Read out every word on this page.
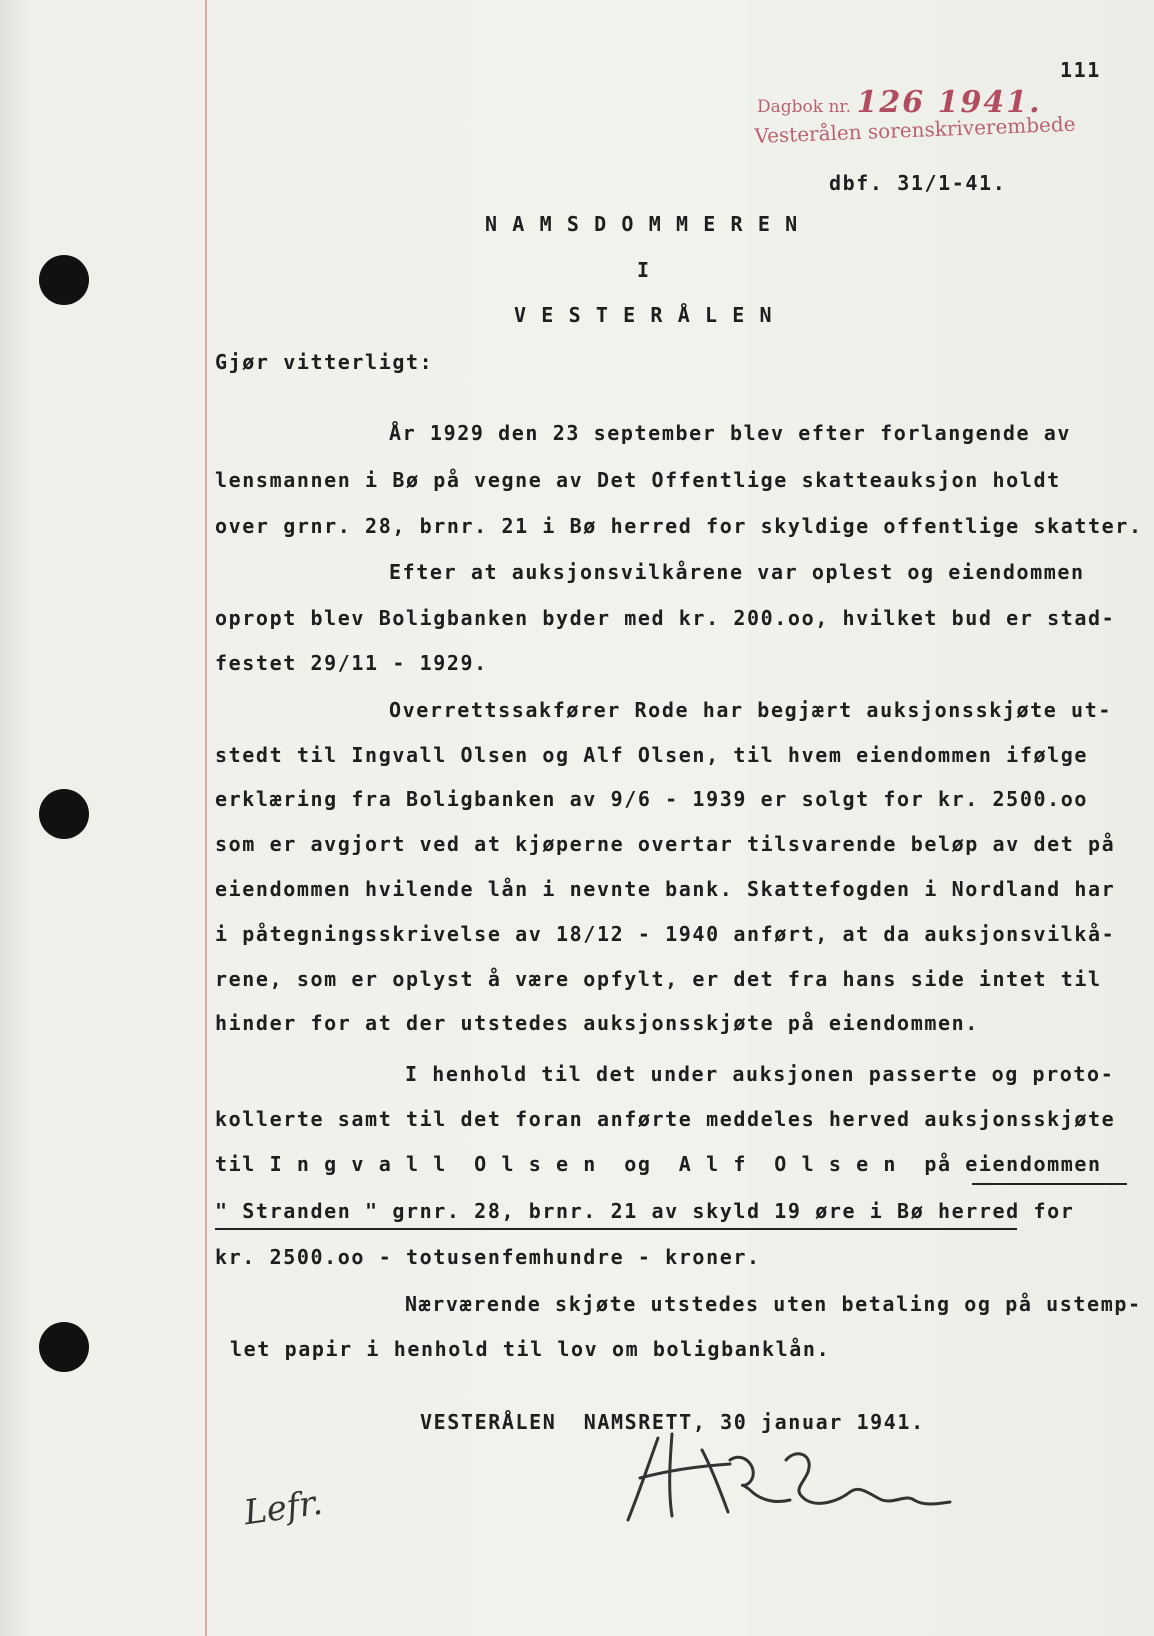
111
Dagbok nr. 126 1941.
Vesterålen sorenskriverembede
dbf. 31/1-41.
N A M S D O M M E R E N
I
V E S T E R Å L E N
Gjør vitterligt:
År 1929 den 23 september blev efter forlangende av
lensmannen i Bø på vegne av Det Offentlige skatteauksjon holdt
over grnr. 28, brnr. 21 i Bø herred for skyldige offentlige skatter.
Efter at auksjonsvilkårene var oplest og eiendommen
opropt blev Boligbanken byder med kr. 200.oo, hvilket bud er stad-
festet 29/11 - 1929.
Overrettssakfører Rode har begjært auksjonsskjøte ut-
stedt til Ingvall Olsen og Alf Olsen, til hvem eiendommen ifølge
erklæring fra Boligbanken av 9/6 - 1939 er solgt for kr. 2500.oo
som er avgjort ved at kjøperne overtar tilsvarende beløp av det på
eiendommen hvilende lån i nevnte bank. Skattefogden i Nordland har
i påtegningsskrivelse av 18/12 - 1940 anført, at da auksjonsvilkå-
rene, som er oplyst å være opfylt, er det fra hans side intet til
hinder for at der utstedes auksjonsskjøte på eiendommen.
I henhold til det under auksjonen passerte og proto-
kollerte samt til det foran anførte meddeles herved auksjonsskjøte
til I n g v a l l  O l s e n  og  A l f  O l s e n  på eiendommen
" Stranden " grnr. 28, brnr. 21 av skyld 19 øre i Bø herred for
kr. 2500.oo - totusenfemhundre - kroner.
Nærværende skjøte utstedes uten betaling og på ustemp-
let papir i henhold til lov om boligbanklån.
VESTERÅLEN  NAMSRETT, 30 januar 1941.
Lefr.
